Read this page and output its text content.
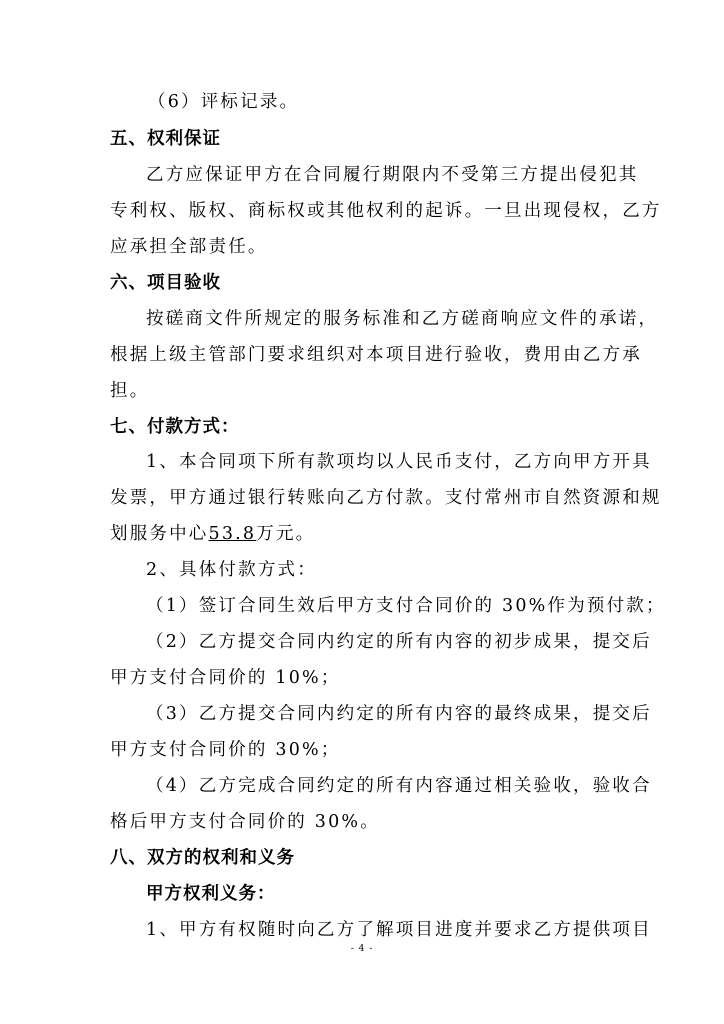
（6）评标记录。
五、权利保证
乙方应保证甲方在合同履行期限内不受第三方提出侵犯其
专利权、版权、商标权或其他权利的起诉。一旦出现侵权，乙方
应承担全部责任。
六、项目验收
按磋商文件所规定的服务标准和乙方磋商响应文件的承诺，
根据上级主管部门要求组织对本项目进行验收，费用由乙方承
担。
七、付款方式：
1、本合同项下所有款项均以人民币支付，乙方向甲方开具
发票，甲方通过银行转账向乙方付款。支付常州市自然资源和规
划服务中心53.8万元。
2、具体付款方式：
（1）签订合同生效后甲方支付合同价的 30%作为预付款；
（2）乙方提交合同内约定的所有内容的初步成果，提交后
甲方支付合同价的 10%；
（3）乙方提交合同内约定的所有内容的最终成果，提交后
甲方支付合同价的 30%；
（4）乙方完成合同约定的所有内容通过相关验收，验收合
格后甲方支付合同价的 30%。
八、双方的权利和义务
甲方权利义务：
1、甲方有权随时向乙方了解项目进度并要求乙方提供项目
- 4 -
